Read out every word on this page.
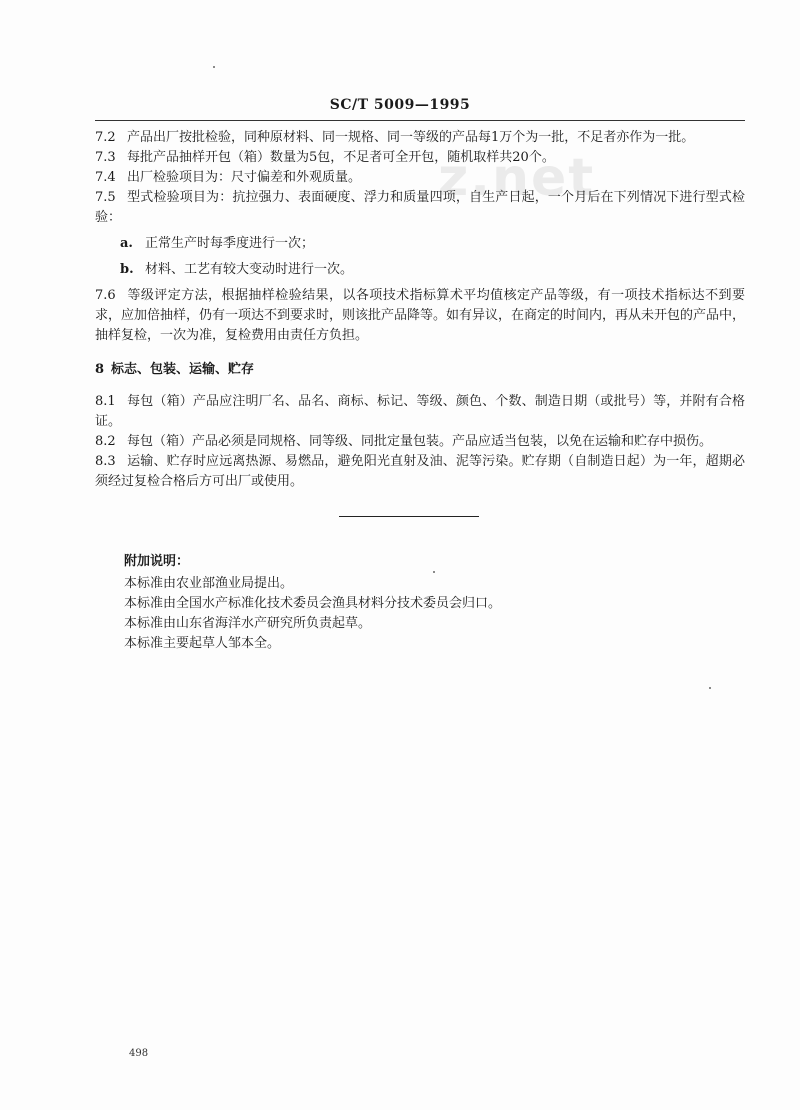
SC/T 5009—1995
z.net

7.2 产品出厂按批检验，同种原材料、同一规格、同一等级的产品每1万个为一批，不足者亦作为一批。

7.3 每批产品抽样开包（箱）数量为5包，不足者可全开包，随机取样共20个。

7.4 出厂检验项目为：尺寸偏差和外观质量。

7.5 型式检验项目为：抗拉强力、表面硬度、浮力和质量四项，自生产日起，一个月后在下列情况下进行型式检验：

a. 正常生产时每季度进行一次；
b. 材料、工艺有较大变动时进行一次。

7.6 等级评定方法，根据抽样检验结果，以各项技术指标算术平均值核定产品等级，有一项技术指标达不到要求，应加倍抽样，仍有一项达不到要求时，则该批产品降等。如有异议，在商定的时间内，再从未开包的产品中，抽样复检，一次为准，复检费用由责任方负担。

8 标志、包装、运输、贮存

8.1 每包（箱）产品应注明厂名、品名、商标、标记、等级、颜色、个数、制造日期（或批号）等，并附有合格证。

8.2 每包（箱）产品必须是同规格、同等级、同批定量包装。产品应适当包装，以免在运输和贮存中损伤。

8.3 运输、贮存时应远离热源、易燃品，避免阳光直射及油、泥等污染。贮存期（自制造日起）为一年，超期必须经过复检合格后方可出厂或使用。

附加说明：

本标准由农业部渔业局提出。

本标准由全国水产标准化技术委员会渔具材料分技术委员会归口。

本标准由山东省海洋水产研究所负责起草。

本标准主要起草人邹本全。

498
